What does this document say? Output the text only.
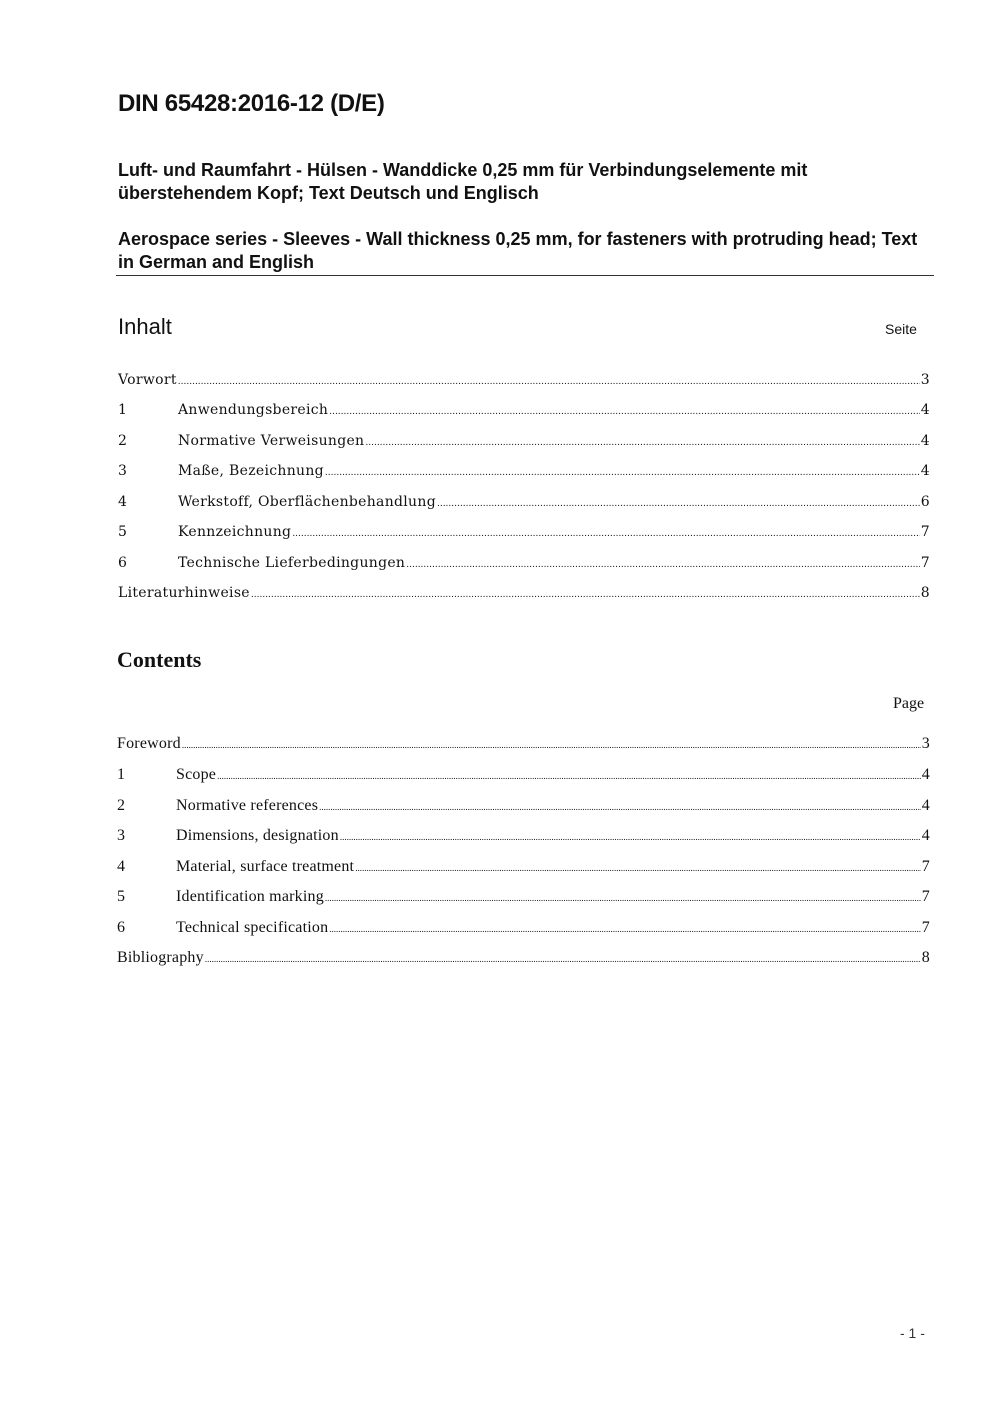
DIN 65428:2016-12 (D/E)
Luft- und Raumfahrt - Hülsen - Wanddicke 0,25 mm für Verbindungselemente mit überstehendem Kopf; Text Deutsch und Englisch
Aerospace series - Sleeves - Wall thickness 0,25 mm, for fasteners with protruding head; Text in German and English
Inhalt	Seite
Vorwort .....	3
1	Anwendungsbereich .....	4
2	Normative Verweisungen .....	4
3	Maße, Bezeichnung .....	4
4	Werkstoff, Oberflächenbehandlung .....	6
5	Kennzeichnung .....	7
6	Technische Lieferbedingungen .....	7
Literaturhinweise .....	8
Contents
Page
Foreword .....	3
1	Scope .....	4
2	Normative references .....	4
3	Dimensions, designation .....	4
4	Material, surface treatment .....	7
5	Identification marking .....	7
6	Technical specification .....	7
Bibliography .....	8
- 1 -
